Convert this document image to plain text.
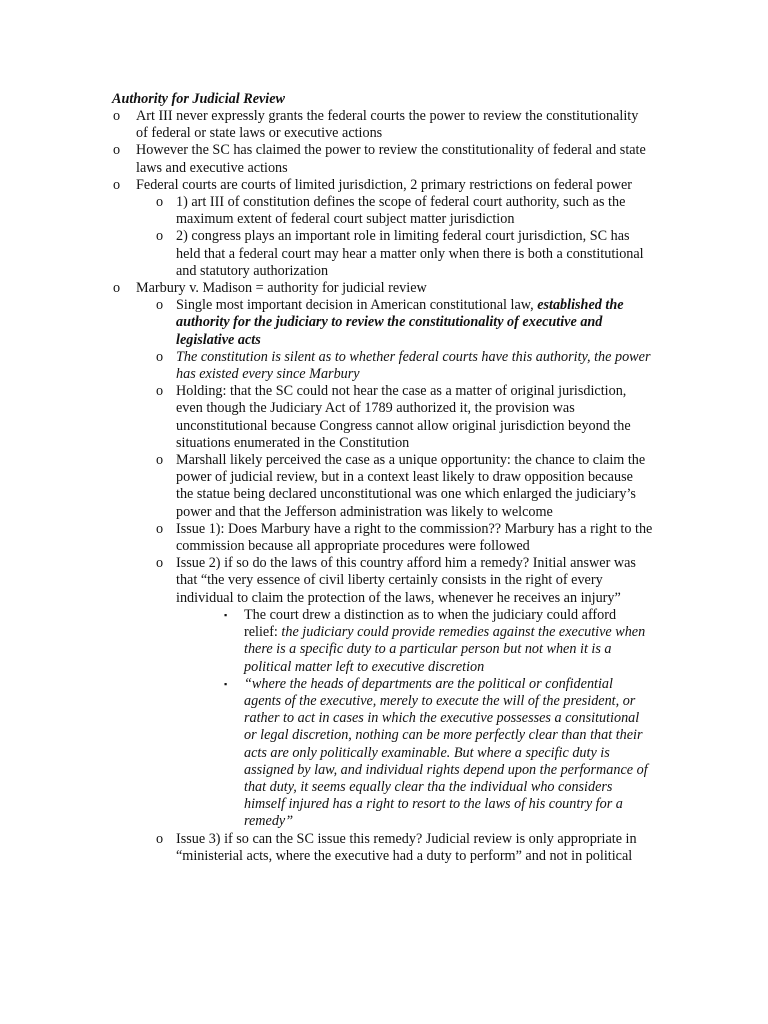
Authority for Judicial Review

o Art III never expressly grants the federal courts the power to review the constitutionality of federal or state laws or executive actions
o However the SC has claimed the power to review the constitutionality of federal and state laws and executive actions
o Federal courts are courts of limited jurisdiction, 2 primary restrictions on federal power
o 1) art III of constitution defines the scope of federal court authority, such as the maximum extent of federal court subject matter jurisdiction
o 2) congress plays an important role in limiting federal court jurisdiction, SC has held that a federal court may hear a matter only when there is both a constitutional and statutory authorization
o Marbury v. Madison = authority for judicial review
o Single most important decision in American constitutional law, established the authority for the judiciary to review the constitutionality of executive and legislative acts
o The constitution is silent as to whether federal courts have this authority, the power has existed every since Marbury
o Holding: that the SC could not hear the case as a matter of original jurisdiction, even though the Judiciary Act of 1789 authorized it, the provision was unconstitutional because Congress cannot allow original jurisdiction beyond the situations enumerated in the Constitution
o Marshall likely perceived the case as a unique opportunity: the chance to claim the power of judicial review, but in a context least likely to draw opposition because the statue being declared unconstitutional was one which enlarged the judiciary’s power and that the Jefferson administration was likely to welcome
o Issue 1): Does Marbury have a right to the commission?? Marbury has a right to the commission because all appropriate procedures were followed
o Issue 2) if so do the laws of this country afford him a remedy? Initial answer was that “the very essence of civil liberty certainly consists in the right of every individual to claim the protection of the laws, whenever he receives an injury”
▪ The court drew a distinction as to when the judiciary could afford relief: the judiciary could provide remedies against the executive when there is a specific duty to a particular person but not when it is a political matter left to executive discretion
▪ “where the heads of departments are the political or confidential agents of the executive, merely to execute the will of the president, or rather to act in cases in which the executive possesses a consitutional or legal discretion, nothing can be more perfectly clear than that their acts are only politically examinable. But where a specific duty is assigned by law, and individual rights depend upon the performance of that duty, it seems equally clear tha the individual who considers himself injured has a right to resort to the laws of his country for a remedy”
o Issue 3) if so can the SC issue this remedy? Judicial review is only appropriate in “ministerial acts, where the executive had a duty to perform” and not in political
